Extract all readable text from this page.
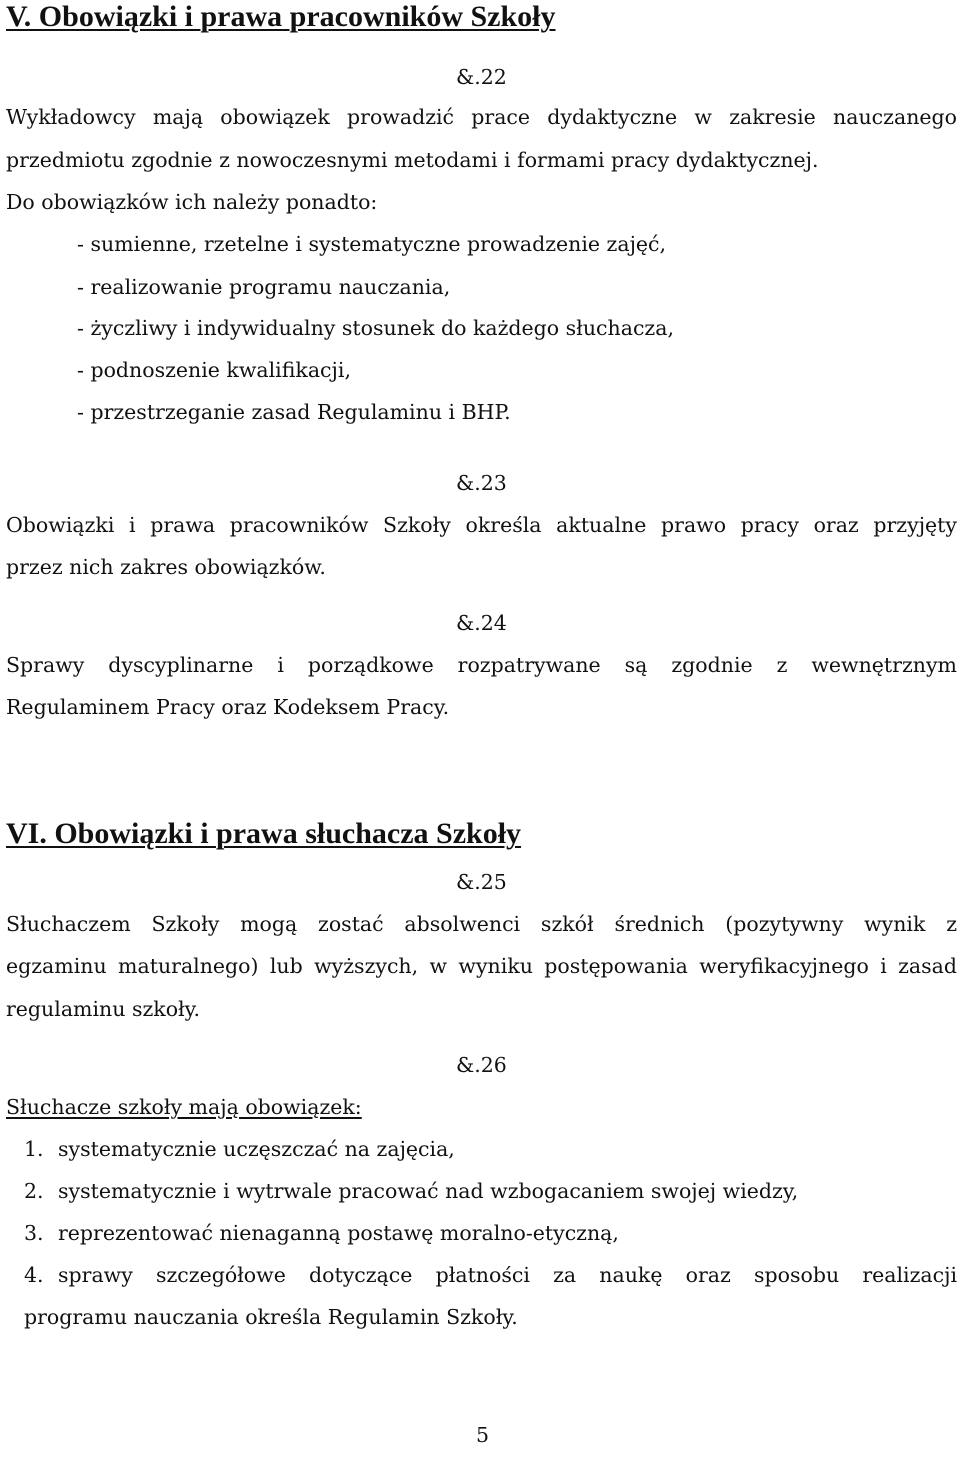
V. Obowiązki i prawa pracowników Szkoły
&.22
Wykładowcy mają obowiązek prowadzić prace dydaktyczne w zakresie nauczanego
przedmiotu zgodnie z nowoczesnymi metodami i formami pracy dydaktycznej.
Do obowiązków ich należy ponadto:
- sumienne, rzetelne i systematyczne prowadzenie zajęć,
- realizowanie programu nauczania,
- życzliwy i indywidualny stosunek do każdego słuchacza,
- podnoszenie kwalifikacji,
- przestrzeganie zasad Regulaminu i BHP.
&.23
Obowiązki i prawa pracowników Szkoły określa aktualne prawo pracy oraz przyjęty
przez nich zakres obowiązków.
&.24
Sprawy dyscyplinarne i porządkowe rozpatrywane są zgodnie z wewnętrznym
Regulaminem Pracy oraz Kodeksem Pracy.
VI. Obowiązki i prawa słuchacza Szkoły
&.25
Słuchaczem Szkoły mogą zostać absolwenci szkół średnich (pozytywny wynik z
egzaminu maturalnego) lub wyższych, w wyniku postępowania weryfikacyjnego i zasad
regulaminu szkoły.
&.26
Słuchacze szkoły mają obowiązek:
1. systematycznie uczęszczać na zajęcia,
2. systematycznie i wytrwale pracować nad wzbogacaniem swojej wiedzy,
3. reprezentować nienaganną postawę moralno-etyczną,
4. sprawy szczegółowe dotyczące płatności za naukę oraz sposobu realizacji
programu nauczania określa Regulamin Szkoły.
5
